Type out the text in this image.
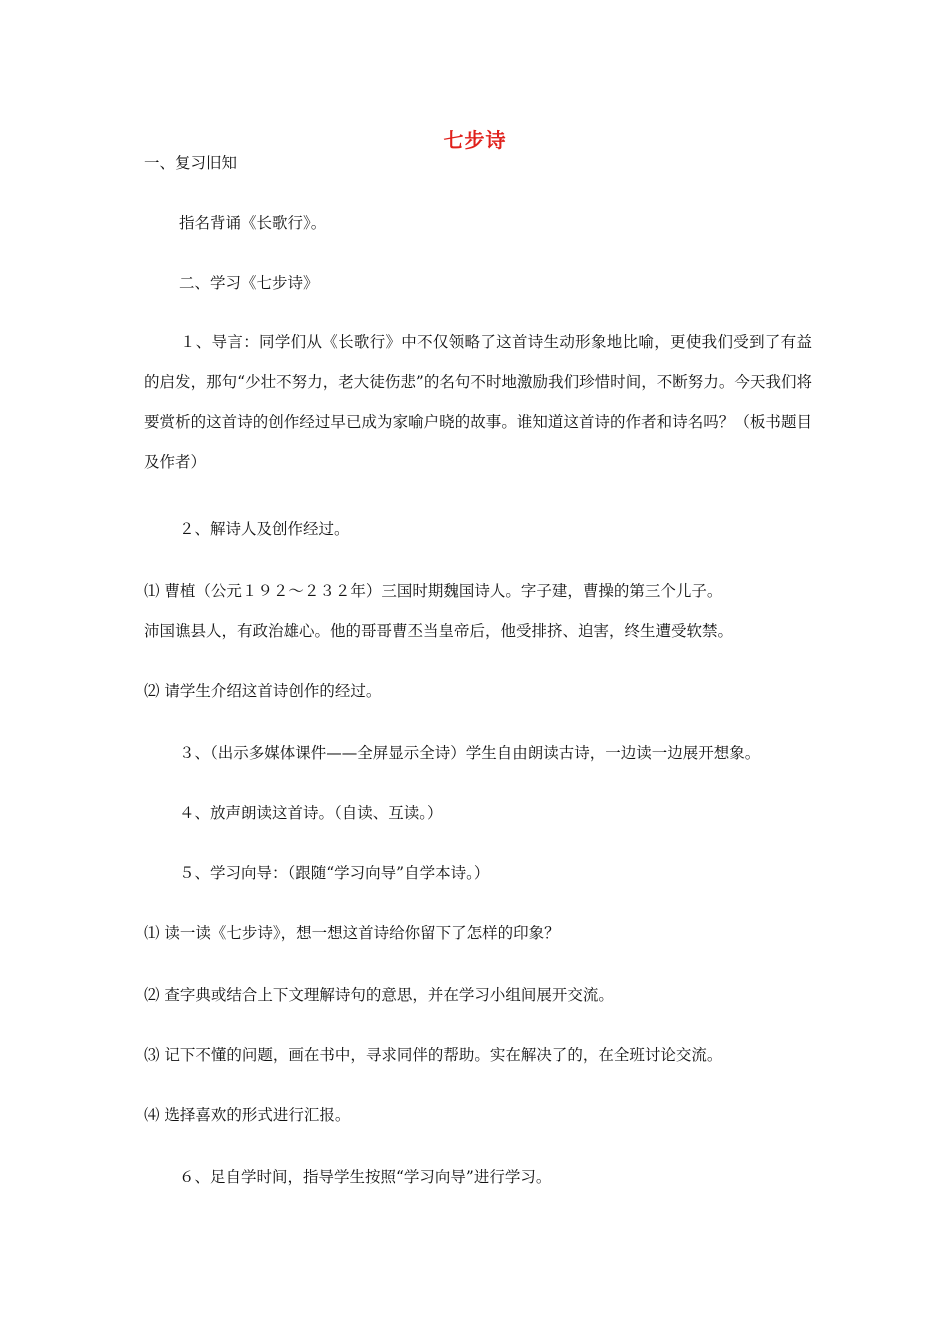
七步诗
一、复习旧知
指名背诵《长歌行》。
二、学习《七步诗》
１、导言：同学们从《长歌行》中不仅领略了这首诗生动形象地比喻，更使我们受到了有益的启发，那句“少壮不努力，老大徒伤悲”的名句不时地激励我们珍惜时间，不断努力。今天我们将要赏析的这首诗的创作经过早已成为家喻户晓的故事。谁知道这首诗的作者和诗名吗？（板书题目及作者）
２、解诗人及创作经过。
⑴ 曹植（公元１９２～２３２年）三国时期魏国诗人。字子建，曹操的第三个儿子。
沛国谯县人，有政治雄心。他的哥哥曹丕当皇帝后，他受排挤、迫害，终生遭受软禁。
⑵ 请学生介绍这首诗创作的经过。
３、（出示多媒体课件——全屏显示全诗）学生自由朗读古诗，一边读一边展开想象。
４、放声朗读这首诗。（自读、互读。）
５、学习向导：（跟随“学习向导”自学本诗。）
⑴ 读一读《七步诗》，想一想这首诗给你留下了怎样的印象？
⑵ 查字典或结合上下文理解诗句的意思，并在学习小组间展开交流。
⑶ 记下不懂的问题，画在书中，寻求同伴的帮助。实在解决了的，在全班讨论交流。
⑷ 选择喜欢的形式进行汇报。
６、足自学时间，指导学生按照“学习向导”进行学习。
